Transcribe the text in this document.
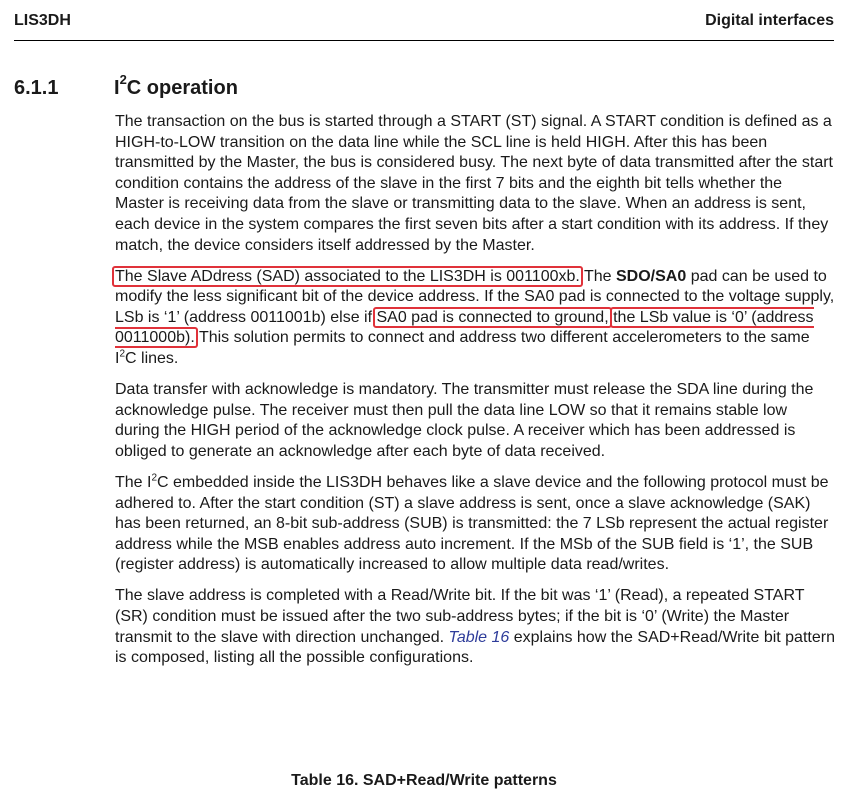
LIS3DH	Digital interfaces
6.1.1	$I^2C$ operation

The transaction on the bus is started through a START (ST) signal. A START condition is defined as a HIGH-to-LOW transition on the data line while the SCL line is held HIGH. After this has been transmitted by the Master, the bus is considered busy. The next byte of data transmitted after the start condition contains the address of the slave in the first 7 bits and the eighth bit tells whether the Master is receiving data from the slave or transmitting data to the slave. When an address is sent, each device in the system compares the first seven bits after a start condition with its address. If they match, the device considers itself addressed by the Master.

The Slave ADdress (SAD) associated to the LIS3DH is 001100xb. The SDO/SA0 pad can be used to modify the less significant bit of the device address. If the SA0 pad is connected to the voltage supply, LSb is ‘1’ (address 0011001b) else if SA0 pad is connected to ground, the LSb value is ‘0’ (address 0011000b). This solution permits to connect and address two different accelerometers to the same $I^2C$ lines.

Data transfer with acknowledge is mandatory. The transmitter must release the SDA line during the acknowledge pulse. The receiver must then pull the data line LOW so that it remains stable low during the HIGH period of the acknowledge clock pulse. A receiver which has been addressed is obliged to generate an acknowledge after each byte of data received.

The $I^2C$ embedded inside the LIS3DH behaves like a slave device and the following protocol must be adhered to. After the start condition (ST) a slave address is sent, once a slave acknowledge (SAK) has been returned, an 8-bit sub-address (SUB) is transmitted: the 7 LSb represent the actual register address while the MSB enables address auto increment. If the MSb of the SUB field is ‘1’, the SUB (register address) is automatically increased to allow multiple data read/writes.

The slave address is completed with a Read/Write bit. If the bit was ‘1’ (Read), a repeated START (SR) condition must be issued after the two sub-address bytes; if the bit is ‘0’ (Write) the Master transmit to the slave with direction unchanged. Table 16 explains how the SAD+Read/Write bit pattern is composed, listing all the possible configurations.

Table 16. SAD+Read/Write patterns
